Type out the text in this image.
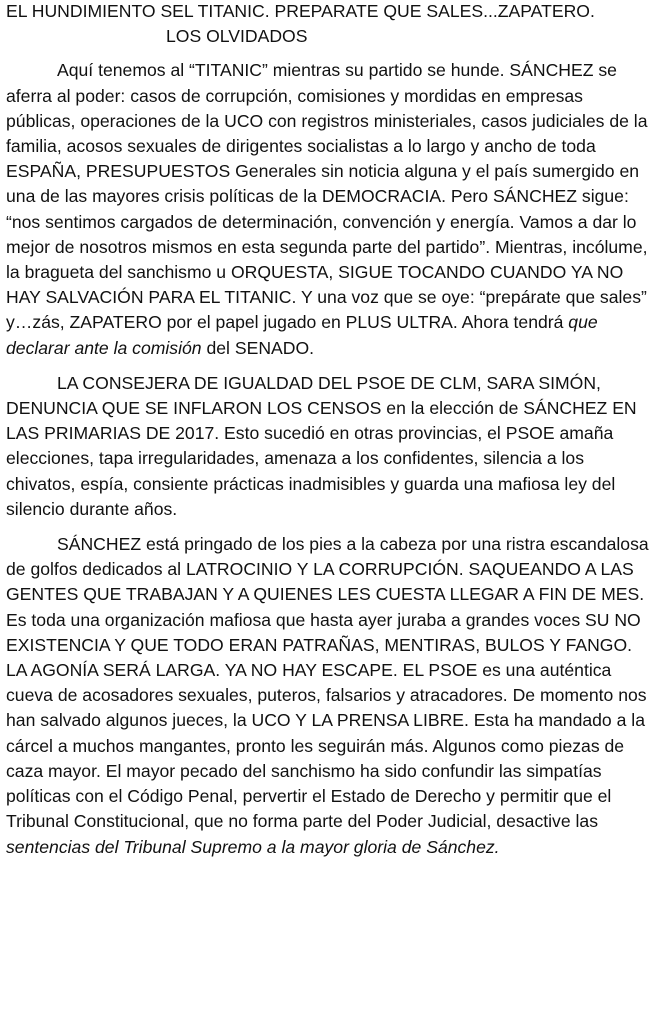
EL HUNDIMIENTO SEL TITANIC. PREPARATE QUE SALES...ZAPATERO.
LOS OLVIDADOS

Aquí tenemos al “TITANIC” mientras su partido se hunde. SÁNCHEZ se aferra al poder: casos de corrupción, comisiones y mordidas en empresas públicas, operaciones de la UCO con registros ministeriales, casos judiciales de la familia, acosos sexuales de dirigentes socialistas a lo largo y ancho de toda ESPAÑA, PRESUPUESTOS Generales sin noticia alguna y el país sumergido en una de las mayores crisis políticas de la DEMOCRACIA. Pero SÁNCHEZ sigue: “nos sentimos cargados de determinación, convención y energía. Vamos a dar lo mejor de nosotros mismos en esta segunda parte del partido”. Mientras, incólume, la bragueta del sanchismo u ORQUESTA, SIGUE TOCANDO CUANDO YA NO HAY SALVACIÓN PARA EL TITANIC. Y una voz que se oye: “prepárate que sales” y…zás, ZAPATERO por el papel jugado en PLUS ULTRA. Ahora tendrá que declarar ante la comisión del SENADO.

LA CONSEJERA DE IGUALDAD DEL PSOE DE CLM, SARA SIMÓN, DENUNCIA QUE SE INFLARON LOS CENSOS en la elección de SÁNCHEZ EN LAS PRIMARIAS DE 2017. Esto sucedió en otras provincias, el PSOE amaña elecciones, tapa irregularidades, amenaza a los confidentes, silencia a los chivatos, espía, consiente prácticas inadmisibles y guarda una mafiosa ley del silencio durante años.

SÁNCHEZ está pringado de los pies a la cabeza por una ristra escandalosa de golfos dedicados al LATROCINIO Y LA CORRUPCIÓN. SAQUEANDO A LAS GENTES QUE TRABAJAN Y A QUIENES LES CUESTA LLEGAR A FIN DE MES. Es toda una organización mafiosa que hasta ayer juraba a grandes voces SU NO EXISTENCIA Y QUE TODO ERAN PATRAÑAS, MENTIRAS, BULOS Y FANGO. LA AGONÍA SERÁ LARGA. YA NO HAY ESCAPE. EL PSOE es una auténtica cueva de acosadores sexuales, puteros, falsarios y atracadores. De momento nos han salvado algunos jueces, la UCO Y LA PRENSA LIBRE. Esta ha mandado a la cárcel a muchos mangantes, pronto les seguirán más. Algunos como piezas de caza mayor. El mayor pecado del sanchismo ha sido confundir las simpatías políticas con el Código Penal, pervertir el Estado de Derecho y permitir que el Tribunal Constitucional, que no forma parte del Poder Judicial, desactive las sentencias del Tribunal Supremo a la mayor gloria de Sánchez.
